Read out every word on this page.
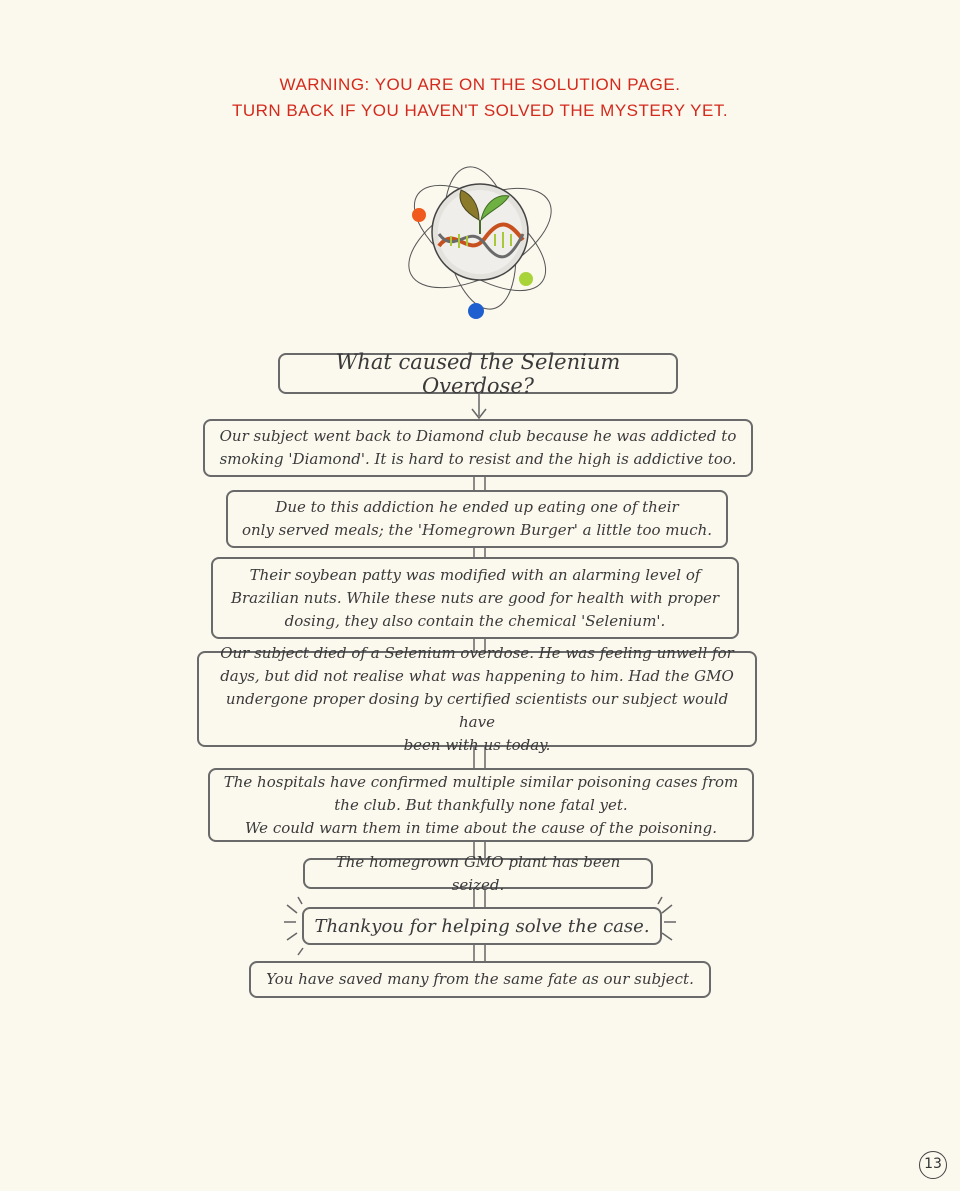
WARNING: YOU ARE ON THE SOLUTION PAGE.
TURN BACK IF YOU HAVEN'T SOLVED THE MYSTERY YET.
What caused the Selenium Overdose?
Our subject went back to Diamond club because he was addicted to
smoking 'Diamond'. It is hard to resist and the high is addictive too.
Due to this addiction he ended up eating one of their
only served meals; the 'Homegrown Burger' a little too much.
Their soybean patty was modified with an alarming level of
Brazilian nuts. While these nuts are good for health with proper
dosing, they also contain the chemical 'Selenium'.
Our subject died of a Selenium overdose. He was feeling unwell for
days, but did not realise what was happening to him. Had the GMO
undergone proper dosing by certified scientists our subject would have
been with us today.
The hospitals have confirmed multiple similar poisoning cases from
the club. But thankfully none fatal yet.
We could warn them in time about the cause of the poisoning.
The homegrown GMO plant has been seized.
Thankyou for helping solve the case.
You have saved many from the same fate as our subject.
13
